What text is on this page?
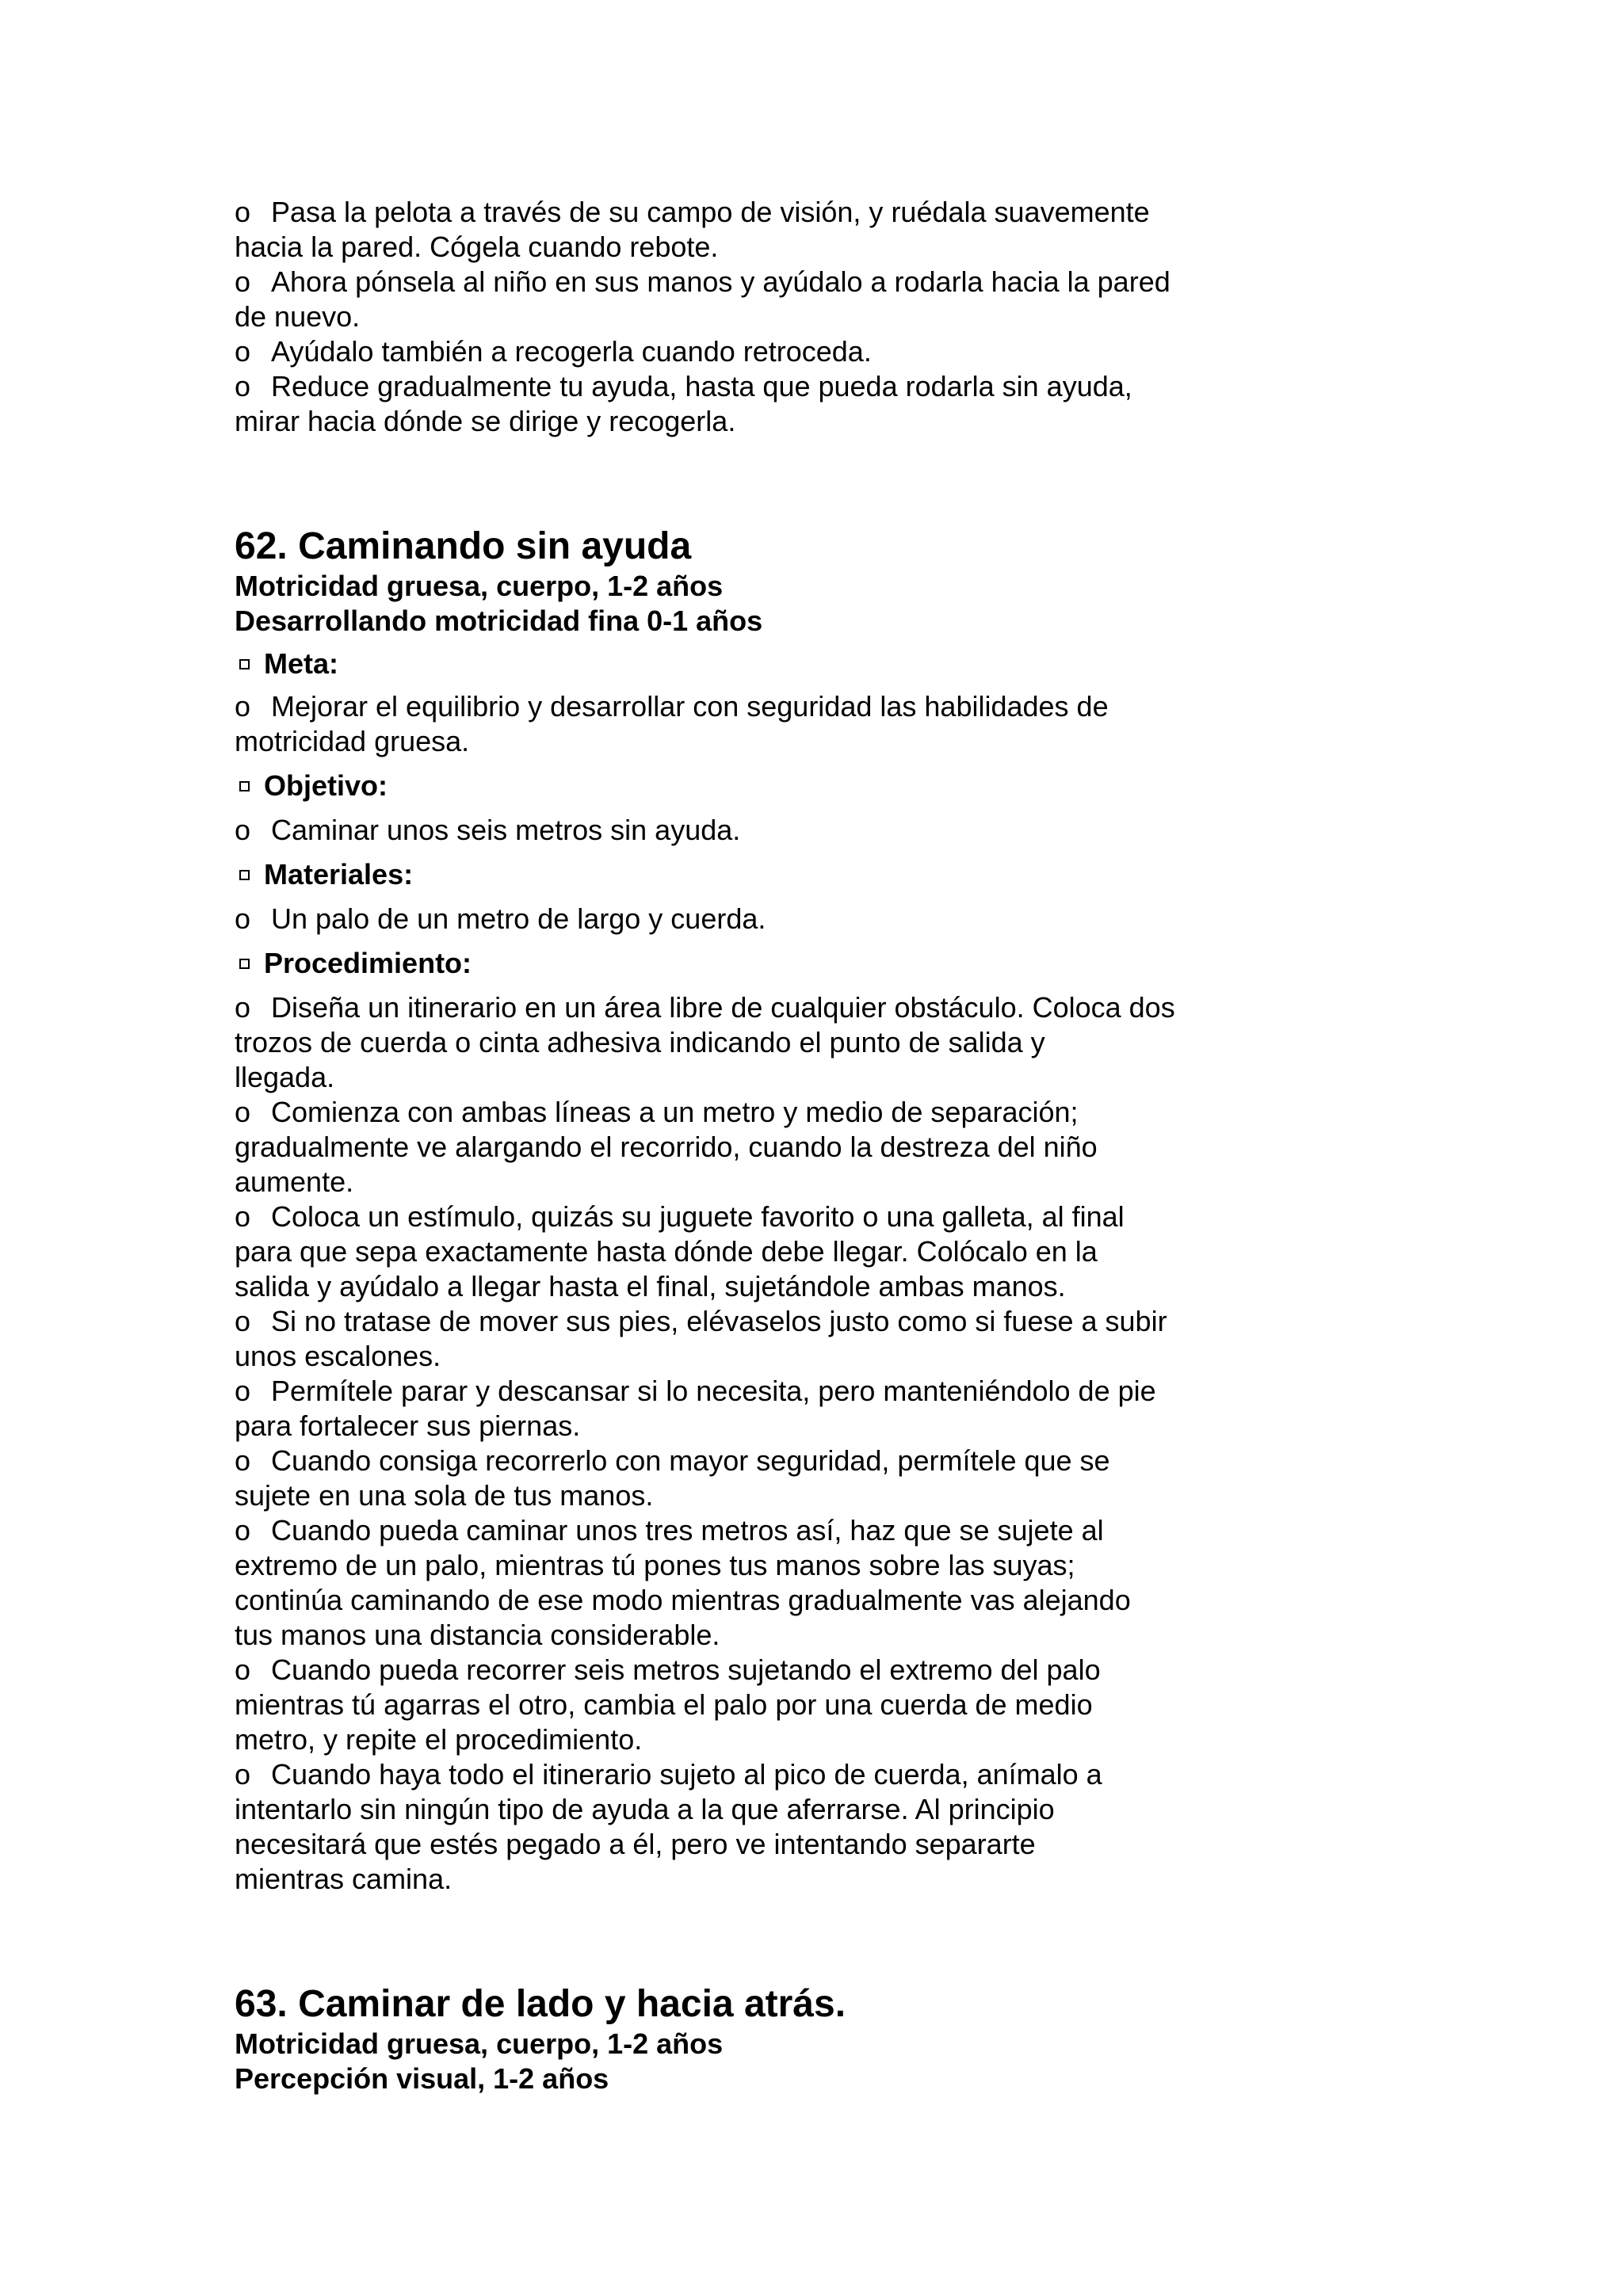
o Pasa la pelota a través de su campo de visión, y ruédala suavemente
hacia la pared. Cógela cuando rebote.

o Ahora pónsela al niño en sus manos y ayúdalo a rodarla hacia la pared
de nuevo.

o Ayúdalo también a recogerla cuando retroceda.

o Reduce gradualmente tu ayuda, hasta que pueda rodarla sin ayuda,
mirar hacia dónde se dirige y recogerla.

62. Caminando sin ayuda

Motricidad gruesa, cuerpo, 1-2 años

Desarrollando motricidad fina 0-1 años

Meta:

o Mejorar el equilibrio y desarrollar con seguridad las habilidades de
motricidad gruesa.

Objetivo:

o Caminar unos seis metros sin ayuda.

Materiales:

o Un palo de un metro de largo y cuerda.

Procedimiento:

o Diseña un itinerario en un área libre de cualquier obstáculo. Coloca dos
trozos de cuerda o cinta adhesiva indicando el punto de salida y
llegada.

o Comienza con ambas líneas a un metro y medio de separación;
gradualmente ve alargando el recorrido, cuando la destreza del niño
aumente.

o Coloca un estímulo, quizás su juguete favorito o una galleta, al final
para que sepa exactamente hasta dónde debe llegar. Colócalo en la
salida y ayúdalo a llegar hasta el final, sujetándole ambas manos.

o Si no tratase de mover sus pies, elévaselos justo como si fuese a subir
unos escalones.

o Permítele parar y descansar si lo necesita, pero manteniéndolo de pie
para fortalecer sus piernas.

o Cuando consiga recorrerlo con mayor seguridad, permítele que se
sujete en una sola de tus manos.

o Cuando pueda caminar unos tres metros así, haz que se sujete al
extremo de un palo, mientras tú pones tus manos sobre las suyas;
continúa caminando de ese modo mientras gradualmente vas alejando
tus manos una distancia considerable.

o Cuando pueda recorrer seis metros sujetando el extremo del palo
mientras tú agarras el otro, cambia el palo por una cuerda de medio
metro, y repite el procedimiento.

o Cuando haya todo el itinerario sujeto al pico de cuerda, anímalo a
intentarlo sin ningún tipo de ayuda a la que aferrarse. Al principio
necesitará que estés pegado a él, pero ve intentando separarte
mientras camina.

63. Caminar de lado y hacia atrás.

Motricidad gruesa, cuerpo, 1-2 años

Percepción visual, 1-2 años
